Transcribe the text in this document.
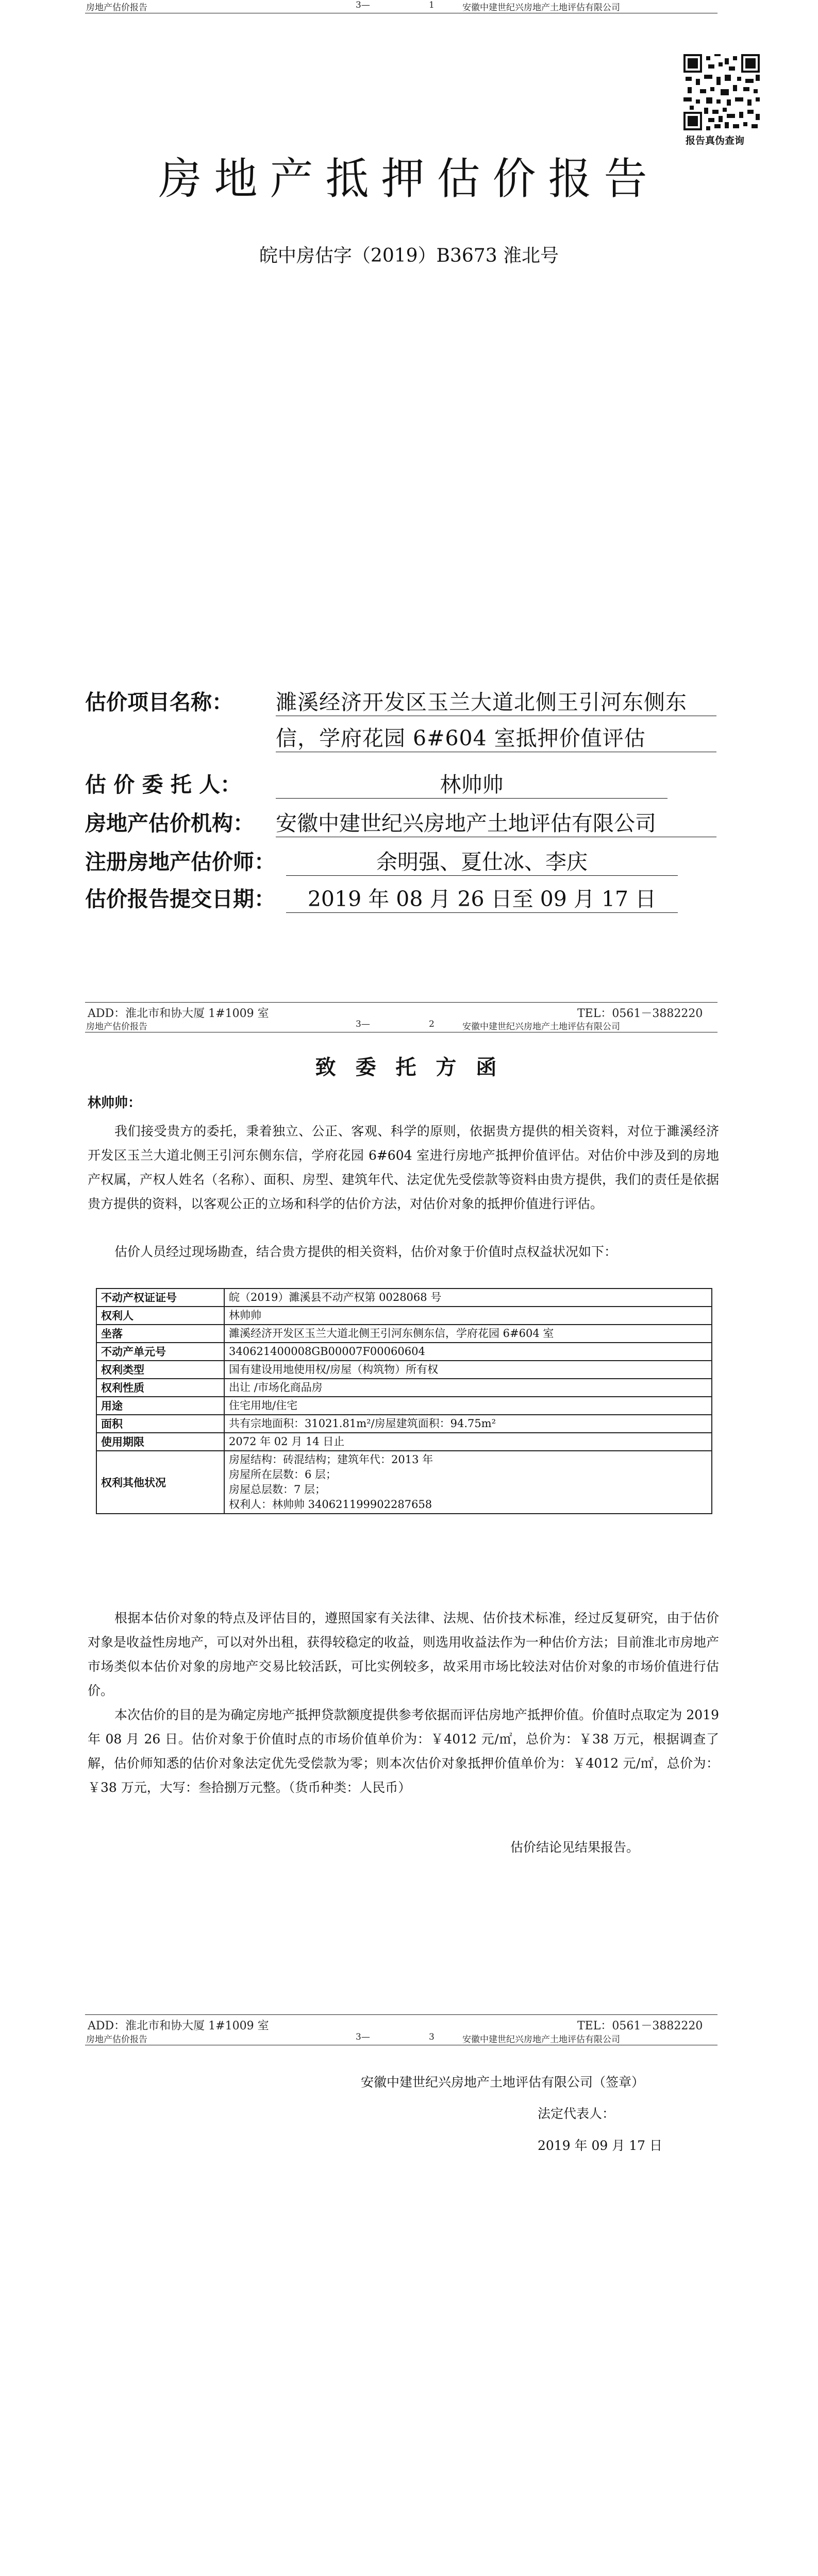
房地产估价报告	3—	1	安徽中建世纪兴房地产土地评估有限公司
报告真伪查询
房地产抵押估价报告
皖中房估字（2019）B3673 淮北号
估价项目名称： 濉溪经济开发区玉兰大道北侧王引河东侧东
信，学府花园 6#604 室抵押价值评估
估 价 委 托 人：	林帅帅
房地产估价机构： 安徽中建世纪兴房地产土地评估有限公司
注册房地产估价师：	余明强、夏仕冰、李庆
估价报告提交日期：	2019 年 08 月 26 日至 09 月 17 日
ADD：淮北市和协大厦 1#1009 室	TEL：0561－3882220
房地产估价报告	3—	2	安徽中建世纪兴房地产土地评估有限公司
致 委 托 方 函
林帅帅：

我们接受贵方的委托，秉着独立、公正、客观、科学的原则，依据贵方提供的相关资料，对位于濉溪经济开发区玉兰大道北侧王引河东侧东信，学府花园 6#604 室进行房地产抵押价值评估。对估价中涉及到的房地产权属，产权人姓名（名称）、面积、房型、建筑年代、法定优先受偿款等资料由贵方提供，我们的责任是依据贵方提供的资料，以客观公正的立场和科学的估价方法，对估价对象的抵押价值进行评估。

估价人员经过现场勘查，结合贵方提供的相关资料，估价对象于价值时点权益状况如下：

不动产权证证号	皖（2019）濉溪县不动产权第 0028068 号
权利人	林帅帅
坐落	濉溪经济开发区玉兰大道北侧王引河东侧东信，学府花园 6#604 室
不动产单元号	340621400008GB00007F00060604
权利类型	国有建设用地使用权/房屋（构筑物）所有权
权利性质	出让 /市场化商品房
用途	住宅用地/住宅
面积	共有宗地面积：31021.81m²/房屋建筑面积：94.75m²
使用期限	2072 年 02 月 14 日止
权利其他状况	房屋结构：砖混结构；建筑年代：2013 年
房屋所在层数：6 层；
房屋总层数：7 层；
权利人：林帅帅 340621199902287658

根据本估价对象的特点及评估目的，遵照国家有关法律、法规、估价技术标准，经过反复研究，由于估价对象是收益性房地产，可以对外出租，获得较稳定的收益，则选用收益法作为一种估价方法；目前淮北市房地产市场类似本估价对象的房地产交易比较活跃，可比实例较多，故采用市场比较法对估价对象的市场价值进行估价。

本次估价的目的是为确定房地产抵押贷款额度提供参考依据而评估房地产抵押价值。价值时点取定为 2019 年 08 月 26 日。估价对象于价值时点的市场价值单价为：￥4012 元/㎡，总价为：￥38 万元，根据调查了解，估价师知悉的估价对象法定优先受偿款为零；则本次估价对象抵押价值单价为：￥4012 元/㎡，总价为：￥38 万元，大写：叁拾捌万元整。（货币种类：人民币）

估价结论见结果报告。
ADD：淮北市和协大厦 1#1009 室	TEL：0561－3882220
房地产估价报告	3—	3	安徽中建世纪兴房地产土地评估有限公司
安徽中建世纪兴房地产土地评估有限公司（签章）
法定代表人：
2019 年 09 月 17 日
